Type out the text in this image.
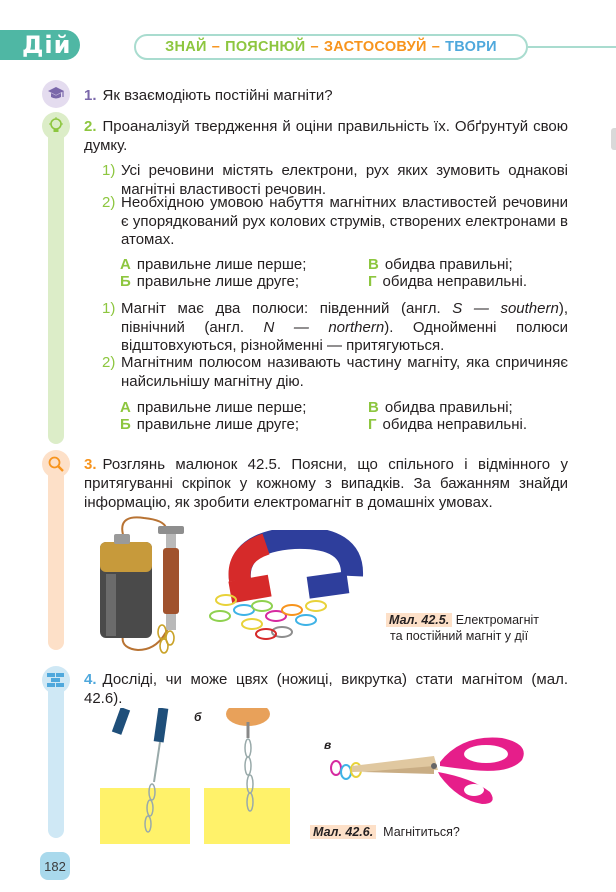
Дій	ЗНАЙ – ПОЯСНЮЙ – ЗАСТОСОВУЙ – ТВОРИ
1. Як взаємодіють постійні магніти?
2. Проаналізуй твердження й оціни правильність їх. Обґрунтуй свою думку.
1) Усі речовини містять електрони, рух яких зумовить однакові магнітні властивості речовин.
2) Необхідною умовою набуття магнітних властивостей речовини є упорядкований рух колових струмів, створених електронами в атомах.
А правильне лише перше;
Б правильне лише друге;
В обидва правильні;
Г обидва неправильні.
1) Магніт має два полюси: південний (англ. S — southern), північний (англ. N — northern). Однойменні полюси відштовхуються, різнойменні — притягуються.
2) Магнітним полюсом називають частину магніту, яка спричиняє найсильнішу магнітну дію.
А правильне лише перше;
Б правильне лише друге;
В обидва правильні;
Г обидва неправильні.
3. Розглянь малюнок 42.5. Поясни, що спільного і відмінного у притягуванні скріпок у кожному з випадків. За бажанням знайди інформацію, як зробити електромагніт в домашніх умовах.
Мал. 42.5. Електромагніт
та постійний магніт у дії
4. Дослідi, чи може цвях (ножиці, викрутка) стати магнітом (мал. 42.6).
б
в
Мал. 42.6. Магнітиться?
182
